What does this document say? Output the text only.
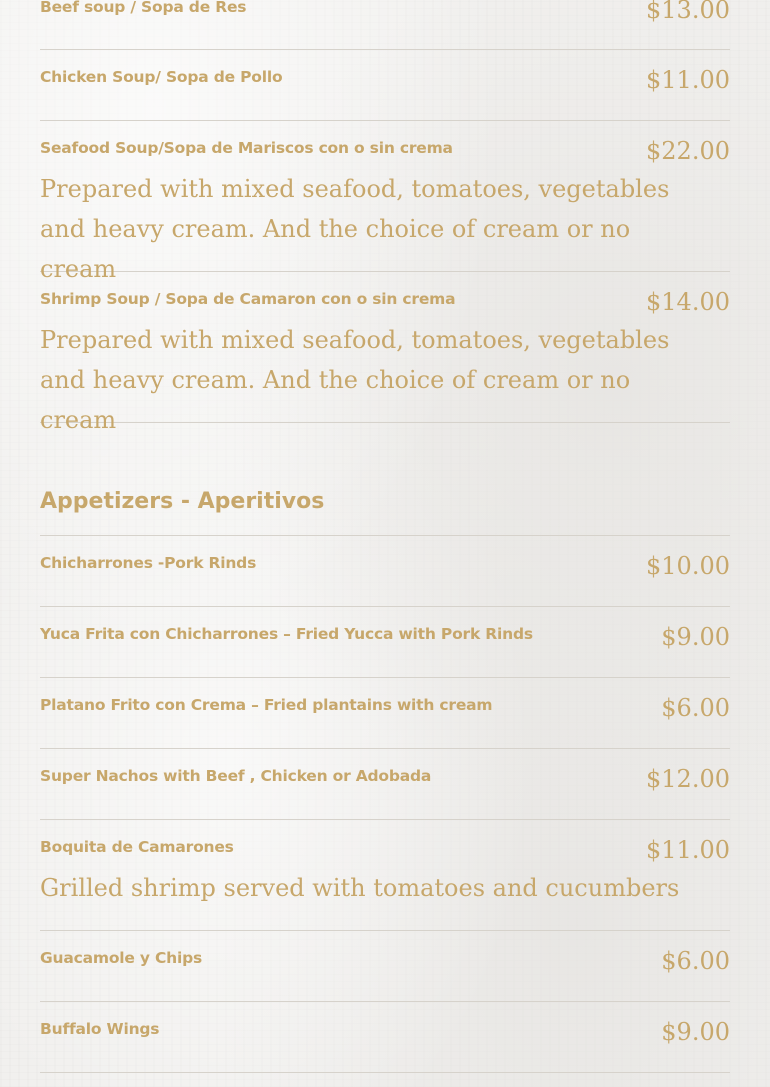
Beef soup / Sopa de Res	$13.00
Chicken Soup/ Sopa de Pollo	$11.00
Seafood Soup/Sopa de Mariscos con o sin crema	$22.00
Prepared with mixed seafood, tomatoes, vegetables and heavy cream. And the choice of cream or no cream
Shrimp Soup / Sopa de Camaron con o sin crema	$14.00
Prepared with mixed seafood, tomatoes, vegetables and heavy cream. And the choice of cream or no cream
Appetizers - Aperitivos
Chicharrones -Pork Rinds	$10.00
Yuca Frita con Chicharrones – Fried Yucca with Pork Rinds	$9.00
Platano Frito con Crema – Fried plantains with cream	$6.00
Super Nachos with Beef , Chicken or Adobada	$12.00
Boquita de Camarones	$11.00
Grilled shrimp served with tomatoes and cucumbers
Guacamole y Chips	$6.00
Buffalo Wings	$9.00
